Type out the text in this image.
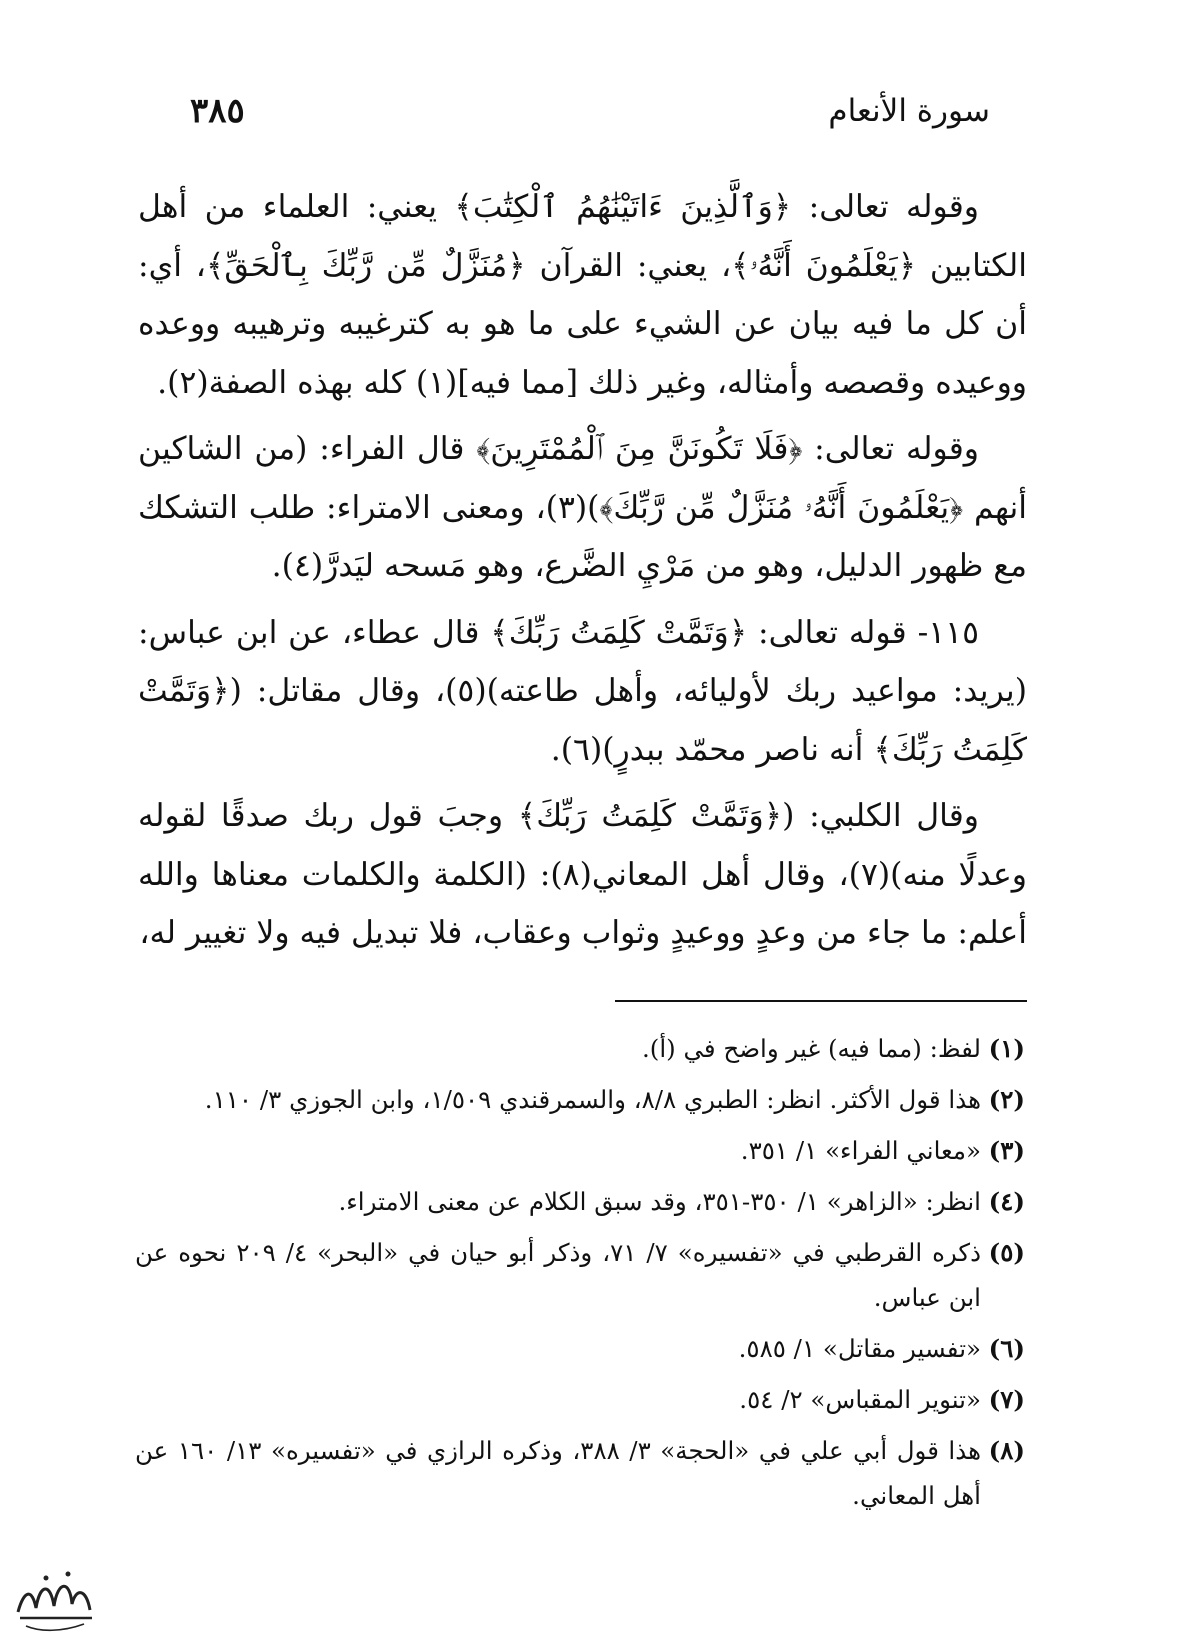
سورة الأنعام
٣٨٥

وقوله تعالى: ﴿وَٱلَّذِينَ ءَاتَيْنَٰهُمُ ٱلْكِتَٰبَ﴾ يعني: العلماء من أهل الكتابين ﴿يَعْلَمُونَ أَنَّهُۥ﴾، يعني: القرآن ﴿مُنَزَّلٌ مِّن رَّبِّكَ بِٱلْحَقِّ﴾، أي: أن كل ما فيه بيان عن الشيء على ما هو به كترغيبه وترهيبه ووعده ووعيده وقصصه وأمثاله، وغير ذلك [مما فيه](١) كله بهذه الصفة(٢).

وقوله تعالى: ﴿فَلَا تَكُونَنَّ مِنَ ٱلْمُمْتَرِينَ﴾ قال الفراء: (من الشاكين أنهم ﴿يَعْلَمُونَ أَنَّهُۥ مُنَزَّلٌ مِّن رَّبِّكَ﴾)(٣)، ومعنى الامتراء: طلب التشكك مع ظهور الدليل، وهو من مَرْيِ الضَّرع، وهو مَسحه ليَدرَّ(٤).

١١٥- قوله تعالى: ﴿وَتَمَّتْ كَلِمَتُ رَبِّكَ﴾ قال عطاء، عن ابن عباس: (يريد: مواعيد ربك لأوليائه، وأهل طاعته)(٥)، وقال مقاتل: (﴿وَتَمَّتْ كَلِمَتُ رَبِّكَ﴾ أنه ناصر محمّد ببدرٍ)(٦).

وقال الكلبي: (﴿وَتَمَّتْ كَلِمَتُ رَبِّكَ﴾ وجبَ قول ربك صدقًا لقوله وعدلًا منه)(٧)، وقال أهل المعاني(٨): (الكلمة والكلمات معناها والله أعلم: ما جاء من وعدٍ ووعيدٍ وثواب وعقاب، فلا تبديل فيه ولا تغيير له،

(١)
لفظ: (مما فيه) غير واضح في (أ).
(٢)
هذا قول الأكثر. انظر: الطبري ٨/٨، والسمرقندي ١/٥٠٩، وابن الجوزي ٣/ ١١٠.
(٣)
«معاني الفراء» ١/ ٣٥١.
(٤)
انظر: «الزاهر» ١/ ٣٥٠-٣٥١، وقد سبق الكلام عن معنى الامتراء.
(٥)
ذكره القرطبي في «تفسيره» ٧/ ٧١، وذكر أبو حيان في «البحر» ٤/ ٢٠٩ نحوه عن ابن عباس.
(٦)
«تفسير مقاتل» ١/ ٥٨٥.
(٧)
«تنوير المقباس» ٢/ ٥٤.
(٨)
هذا قول أبي علي في «الحجة» ٣/ ٣٨٨، وذكره الرازي في «تفسيره» ١٣/ ١٦٠ عن أهل المعاني.
